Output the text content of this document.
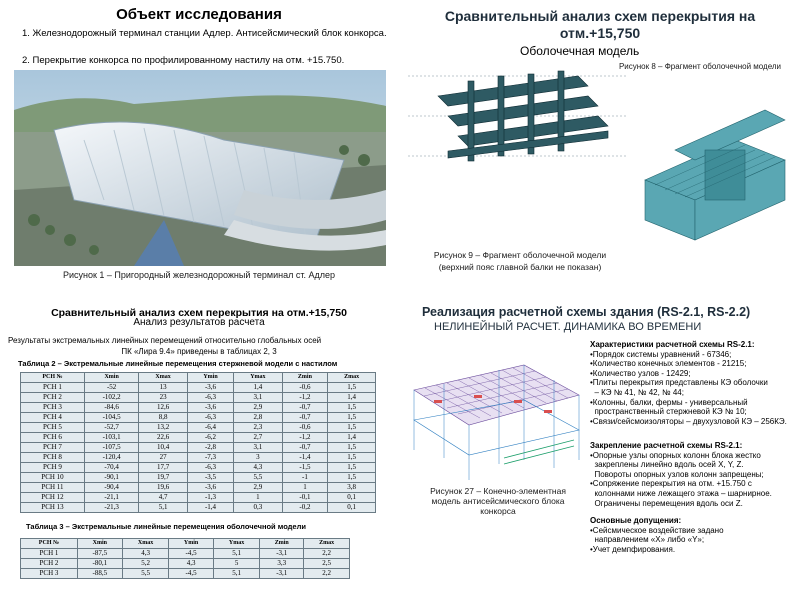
Объект исследования
1. Железнодорожный терминал станции Адлер. Антисейсмический блок конкорса.
2. Перекрытие конкорса по профилированному настилу на отм. +15.750.
Рисунок 1 – Пригородный железнодорожный терминал ст. Адлер
Сравнительный анализ схем перекрытия на
отм.+15,750
Оболочечная модель
Рисунок 8 – Фрагмент оболочечной модели
Рисунок 9 – Фрагмент оболочечной модели
(верхний пояс главной балки не показан)
Сравнительный анализ схем перекрытия на отм.+15,750
Анализ результатов расчета
Результаты экстремальных линейных перемещений относительно глобальных осей
ПК «Лира 9.4» приведены в таблицах 2, 3
Таблица 2 – Экстремальные линейные перемещения стержневой модели с настилом
РСН №	Xmin	Xmax	Ymin	Ymax	Zmin	Zmax
РСН 1	-52	13	-3,6	1,4	-0,6	1,5
РСН 2	-102,2	23	-6,3	3,1	-1,2	1,4
РСН 3	-84,6	12,6	-3,6	2,9	-0,7	1,5
РСН 4	-104,5	8,8	-6,3	2,8	-0,7	1,5
РСН 5	-52,7	13,2	-6,4	2,3	-0,6	1,5
РСН 6	-103,1	22,6	-6,2	2,7	-1,2	1,4
РСН 7	-107,5	10,4	-2,8	3,1	-0,7	1,5
РСН 8	-120,4	27	-7,3	3	-1,4	1,5
РСН 9	-70,4	17,7	-6,3	4,3	-1,5	1,5
РСН 10	-90,1	19,7	-3,5	5,5	-1	1,5
РСН 11	-90,4	19,6	-3,6	2,9	1	3,8
РСН 12	-21,1	4,7	-1,3	1	-0,1	0,1
РСН 13	-21,3	5,1	-1,4	0,3	-0,2	0,1
Таблица 3 – Экстремальные линейные перемещения оболочечной модели
РСН №	Xmin	Xmax	Ymin	Ymax	Zmin	Zmax
РСН 1	-87,5	4,3	-4,5	5,1	-3,1	2,2
РСН 2	-80,1	5,2	4,3	5	3,3	2,5
РСН 3	-88,5	5,5	-4,5	5,1	-3,1	2,2
Реализация расчетной схемы здания (RS-2.1, RS-2.2)
НЕЛИНЕЙНЫЙ РАСЧЕТ. ДИНАМИКА ВО ВРЕМЕНИ
Рисунок 27 – Конечно-элементная
модель антисейсмического блока
конкорса
Характеристики расчетной схемы RS-2.1:
•Порядок системы уравнений - 67346;
•Количество конечных элементов - 21215;
•Количество узлов - 12429;
•Плиты перекрытия представлены КЭ оболочки
– КЭ № 41, № 42, № 44;
•Колонны, балки, фермы - универсальный
пространственный стержневой КЭ № 10;
•Связи/сейсмоизоляторы – двухузловой КЭ – 256КЭ.
Закрепление расчетной схемы RS-2.1:
•Опорные узлы опорных колонн блока жестко
закреплены линейно вдоль осей X, Y, Z.
Повороты опорных узлов колонн запрещены;
•Сопряжение перекрытия на отм. +15.750 с
колоннами ниже лежащего этажа – шарнирное.
Ограничены перемещения вдоль оси Z.
Основные допущения:
•Сейсмическое воздействие задано
направлением «X» либо «Y»;
•Учет демпфирования.
